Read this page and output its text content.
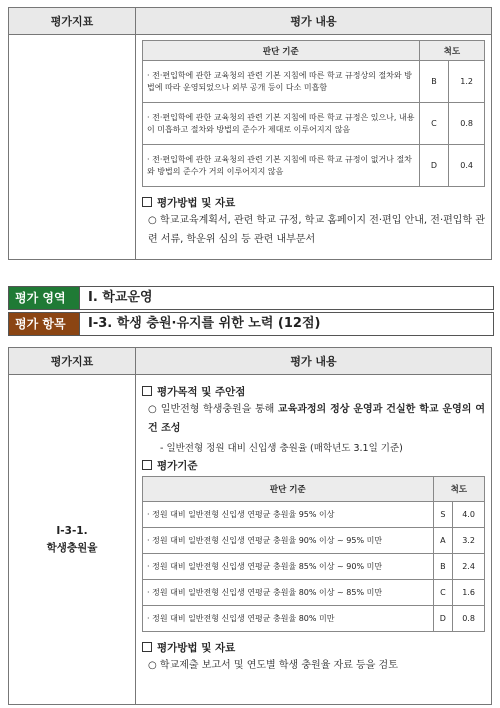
평가지표	평가 내용

판단 기준	척도
· 전·편입학에 관한 교육청의 관련 기본 지침에 따른 학교 규정상의 절차와 방법에 따라 운영되었으나 외부 공개 등이 다소 미흡함	B	1.2
· 전·편입학에 관한 교육청의 관련 기본 지침에 따른 학교 규정은 있으나, 내용이 미흡하고 절차와 방법의 준수가 제대로 이루어지지 않음	C	0.8
· 전·편입학에 관한 교육청의 관련 기본 지침에 따른 학교 규정이 없거나 절차와 방법의 준수가 거의 이루어지지 않음	D	0.4
평가방법 및 자료
○ 학교교육계획서, 관련 학교 규정, 학교 홈페이지 전·편입 안내, 전·편입학 관련 서류, 학운위 심의 등 관련 내부문서
평가 영역	Ⅰ. 학교운영
평가 항목	Ⅰ-3. 학생 충원·유지를 위한 노력 (12점)
평가지표	평가 내용

Ⅰ-3-1.
학생충원율

평가목적 및 주안점
○ 일반전형 학생충원을 통해 교육과정의 정상 운영과 건실한 학교 운영의 여건 조성
- 일반전형 정원 대비 신입생 충원율 (매학년도 3.1일 기준)
평가기준
판단 기준	척도
· 정원 대비 일반전형 신입생 연평균 충원율 95% 이상	S	4.0
· 정원 대비 일반전형 신입생 연평균 충원율 90% 이상 ~ 95% 미만	A	3.2
· 정원 대비 일반전형 신입생 연평균 충원율 85% 이상 ~ 90% 미만	B	2.4
· 정원 대비 일반전형 신입생 연평균 충원율 80% 이상 ~ 85% 미만	C	1.6
· 정원 대비 일반전형 신입생 연평균 충원율 80% 미만	D	0.8
평가방법 및 자료
○ 학교제출 보고서 및 연도별 학생 충원율 자료 등을 검토
